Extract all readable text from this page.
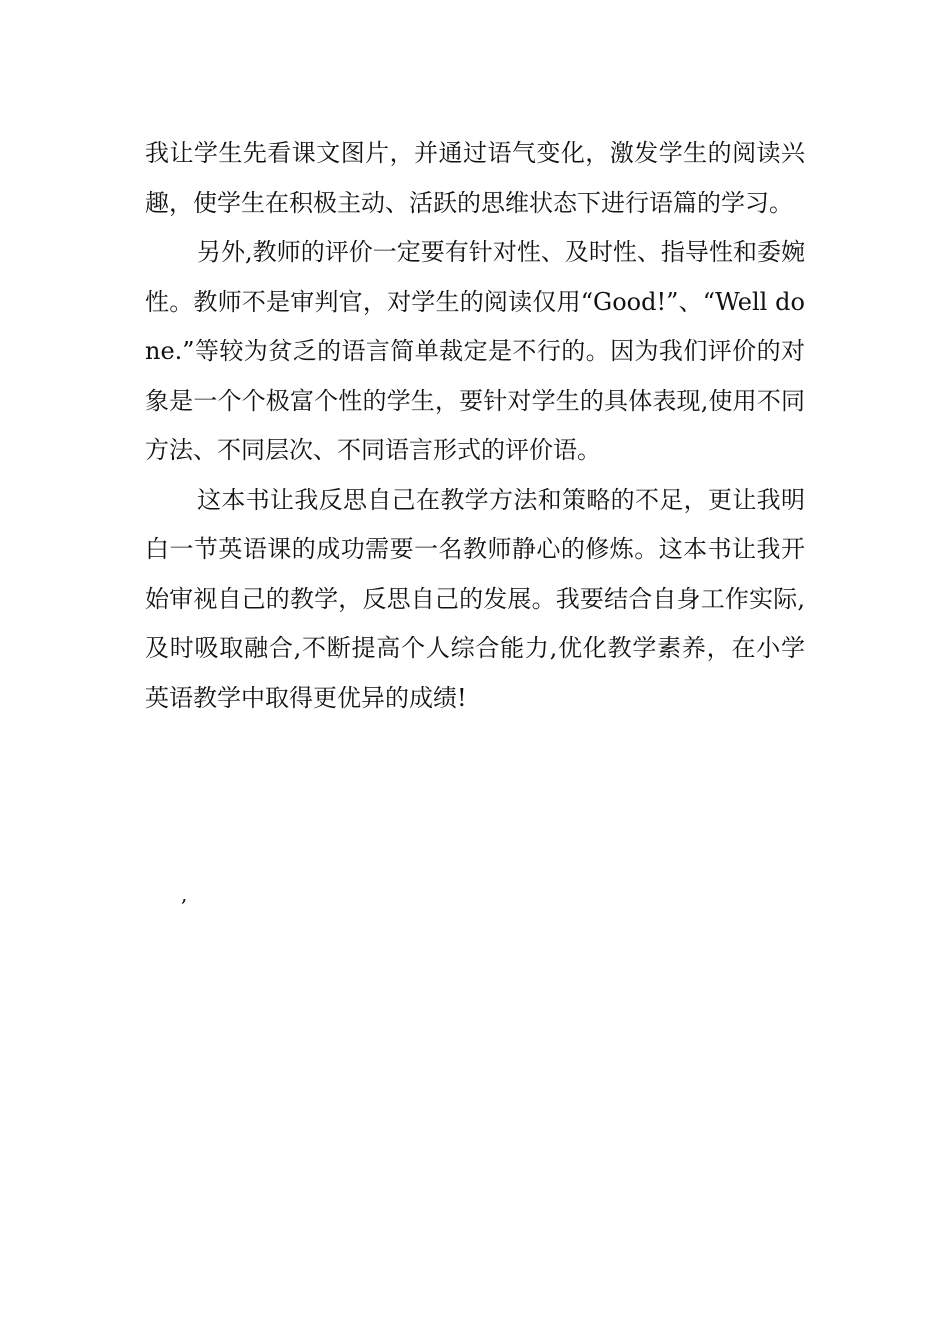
我让学生先看课文图片，并通过语气变化，激发学生的阅读兴趣，使学生在积极主动、活跃的思维状态下进行语篇的学习。

另外,教师的评价一定要有针对性、及时性、指导性和委婉性。教师不是审判官，对学生的阅读仅用“Good!”、“Well done.”等较为贫乏的语言简单裁定是不行的。因为我们评价的对象是一个个极富个性的学生，要针对学生的具体表现,使用不同方法、不同层次、不同语言形式的评价语。

这本书让我反思自己在教学方法和策略的不足，更让我明白一节英语课的成功需要一名教师静心的修炼。这本书让我开始审视自己的教学，反思自己的发展。我要结合自身工作实际,及时吸取融合,不断提高个人综合能力,优化教学素养，在小学英语教学中取得更优异的成绩!

,
